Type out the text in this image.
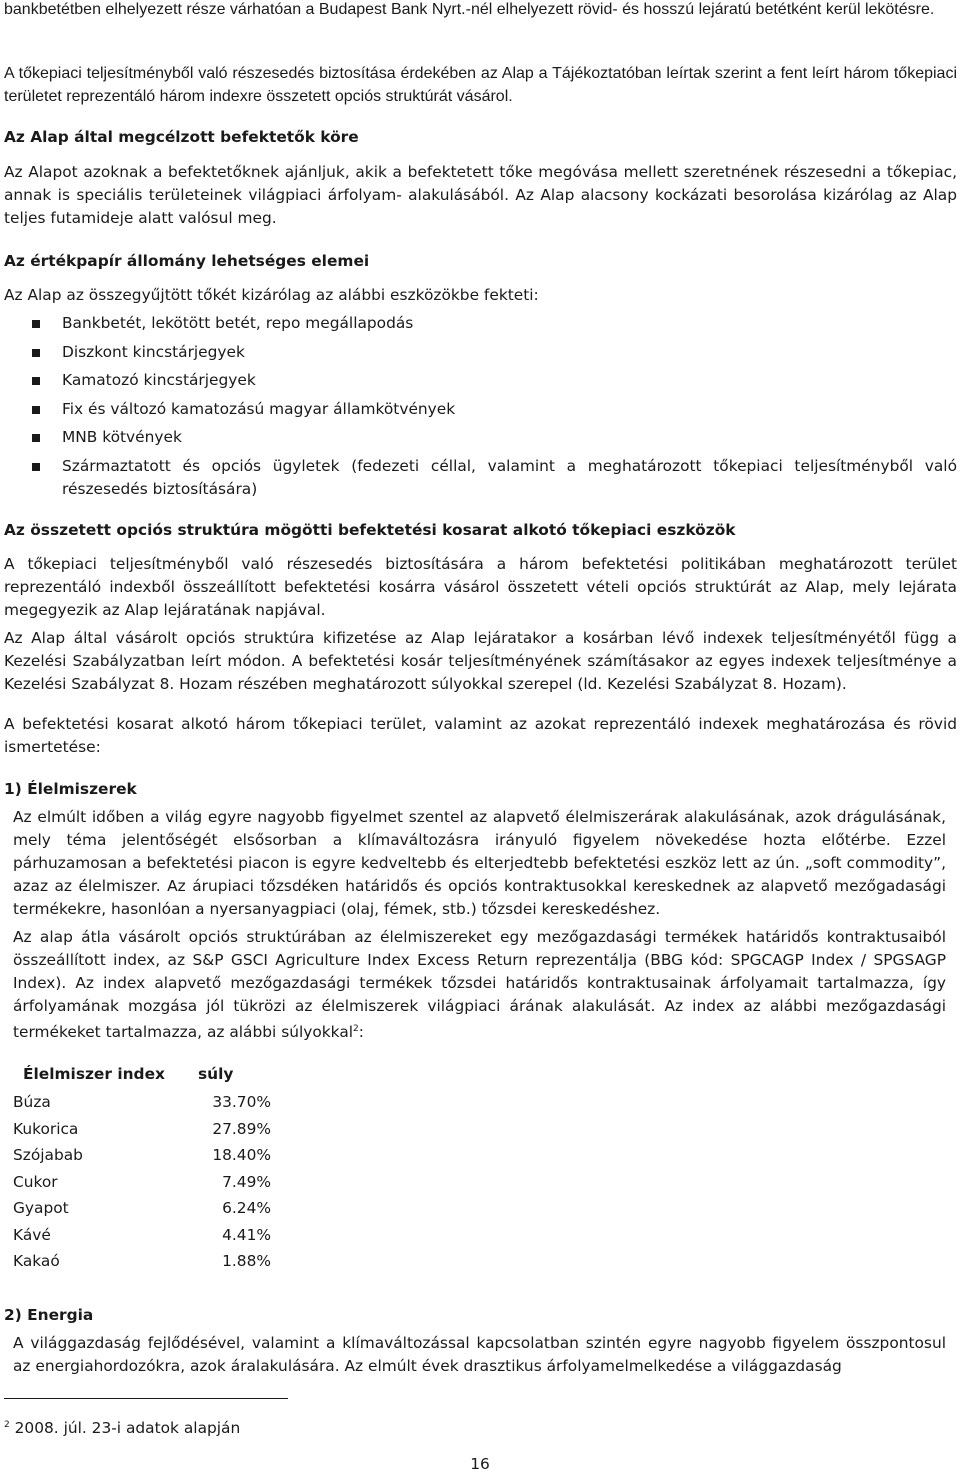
bankbetétben elhelyezett része várhatóan a Budapest Bank Nyrt.-nél elhelyezett rövid- és hosszú lejáratú betétként kerül lekötésre.

A tőkepiaci teljesítményből való részesedés biztosítása érdekében az Alap a Tájékoztatóban leírtak szerint a fent leírt három tőkepiaci területet reprezentáló három indexre összetett opciós struktúrát vásárol.

Az Alap által megcélzott befektetők köre

Az Alapot azoknak a befektetőknek ajánljuk, akik a befektetett tőke megóvása mellett szeretnének részesedni a tőkepiac, annak is speciális területeinek világpiaci árfolyam- alakulásából. Az Alap alacsony kockázati besorolása kizárólag az Alap teljes futamideje alatt valósul meg.

Az értékpapír állomány lehetséges elemei

Az Alap az összegyűjtött tőkét kizárólag az alábbi eszközökbe fekteti:

Bankbetét, lekötött betét, repo megállapodás
Diszkont kincstárjegyek
Kamatozó kincstárjegyek
Fix és változó kamatozású magyar államkötvények
MNB kötvények
Származtatott és opciós ügyletek (fedezeti céllal, valamint a meghatározott tőkepiaci teljesítményből való részesedés biztosítására)
Az összetett opciós struktúra mögötti befektetési kosarat alkotó tőkepiaci eszközök

A tőkepiaci teljesítményből való részesedés biztosítására a három befektetési politikában meghatározott terület reprezentáló indexből összeállított befektetési kosárra vásárol összetett vételi opciós struktúrát az Alap, mely lejárata megegyezik az Alap lejáratának napjával.

Az Alap által vásárolt opciós struktúra kifizetése az Alap lejáratakor a kosárban lévő indexek teljesítményétől függ a Kezelési Szabályzatban leírt módon. A befektetési kosár teljesítményének számításakor az egyes indexek teljesítménye a Kezelési Szabályzat 8. Hozam részében meghatározott súlyokkal szerepel (ld. Kezelési Szabályzat 8. Hozam).

A befektetési kosarat alkotó három tőkepiaci terület, valamint az azokat reprezentáló indexek meghatározása és rövid ismertetése:

1) Élelmiszerek

Az elmúlt időben a világ egyre nagyobb figyelmet szentel az alapvető élelmiszerárak alakulásának, azok drágulásának, mely téma jelentőségét elsősorban a klímaváltozásra irányuló figyelem növekedése hozta előtérbe. Ezzel párhuzamosan a befektetési piacon is egyre kedveltebb és elterjedtebb befektetési eszköz lett az ún. „soft commodity”, azaz az élelmiszer. Az árupiaci tőzsdéken határidős és opciós kontraktusokkal kereskednek az alapvető mezőgadasági termékekre, hasonlóan a nyersanyagpiaci (olaj, fémek, stb.) tőzsdei kereskedéshez.

Az alap átla vásárolt opciós struktúrában az élelmiszereket egy mezőgazdasági termékek határidős kontraktusaiból összeállított index, az S&P GSCI Agriculture Index Excess Return reprezentálja (BBG kód: SPGCAGP Index / SPGSAGP Index). Az index alapvető mezőgazdasági termékek tőzsdei határidős kontraktusainak árfolyamait tartalmazza, így árfolyamának mozgása jól tükrözi az élelmiszerek világpiaci árának alakulását. Az index az alábbi mezőgazdasági termékeket tartalmazza, az alábbi súlyokkal$^2$:

Élelmiszer index	súly
Búza	33.70%
Kukorica	27.89%
Szójabab	18.40%
Cukor	7.49%
Gyapot	6.24%
Kávé	4.41%
Kakaó	1.88%
2) Energia

A világgazdaság fejlődésével, valamint a klímaváltozással kapcsolatban szintén egyre nagyobb figyelem összpontosul az energiahordozókra, azok áralakulására. Az elmúlt évek drasztikus árfolyamelmelkedése a világgazdaság

$^2$ 2008. júl. 23-i adatok alapján

16
